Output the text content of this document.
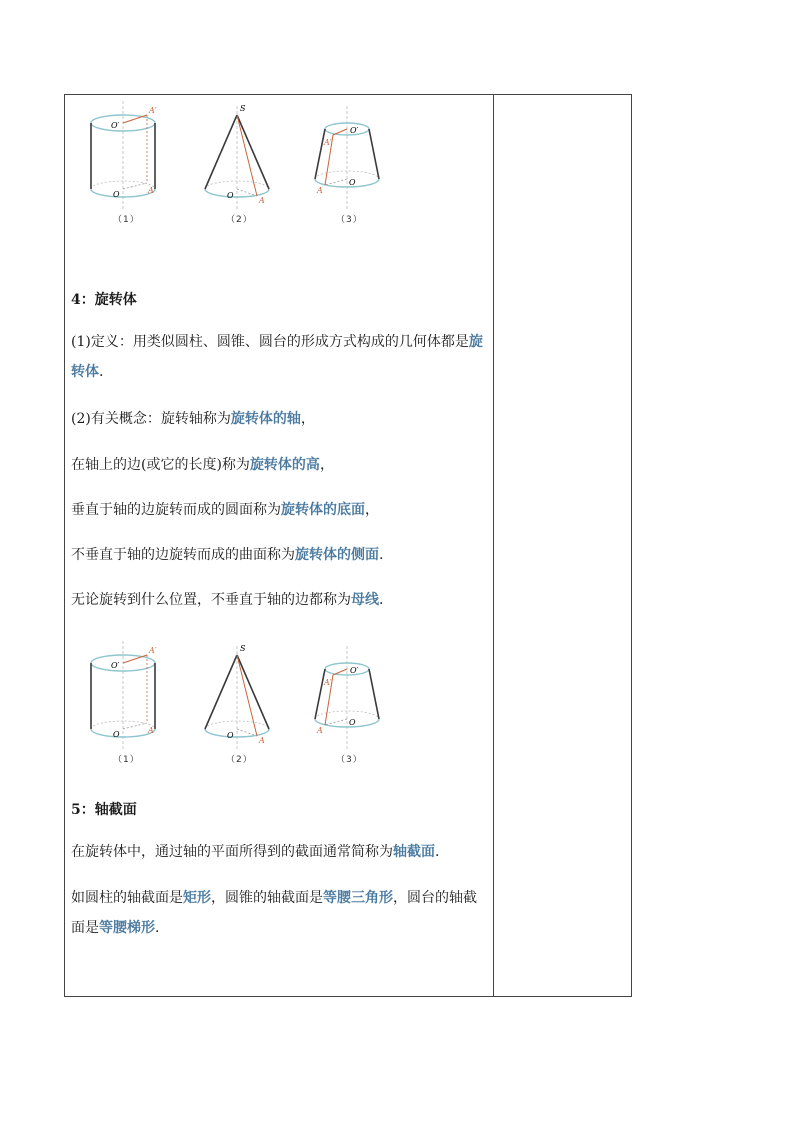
O′
A′
O	A
S
O
A
O′
A′
O
A
（1）	（2）	（3）
4：旋转体
(1)定义：用类似圆柱、圆锥、圆台的形成方式构成的几何体都是旋转体.
(2)有关概念：旋转轴称为旋转体的轴，
在轴上的边(或它的长度)称为旋转体的高，
垂直于轴的边旋转而成的圆面称为旋转体的底面，
不垂直于轴的边旋转而成的曲面称为旋转体的侧面.
无论旋转到什么位置，不垂直于轴的边都称为母线.
O′
A′
O	A
S
O
A
O′
A′
O
A
（1）	（2）	（3）
5：轴截面
在旋转体中，通过轴的平面所得到的截面通常简称为轴截面.
如圆柱的轴截面是矩形，圆锥的轴截面是等腰三角形，圆台的轴截面是等腰梯形.
